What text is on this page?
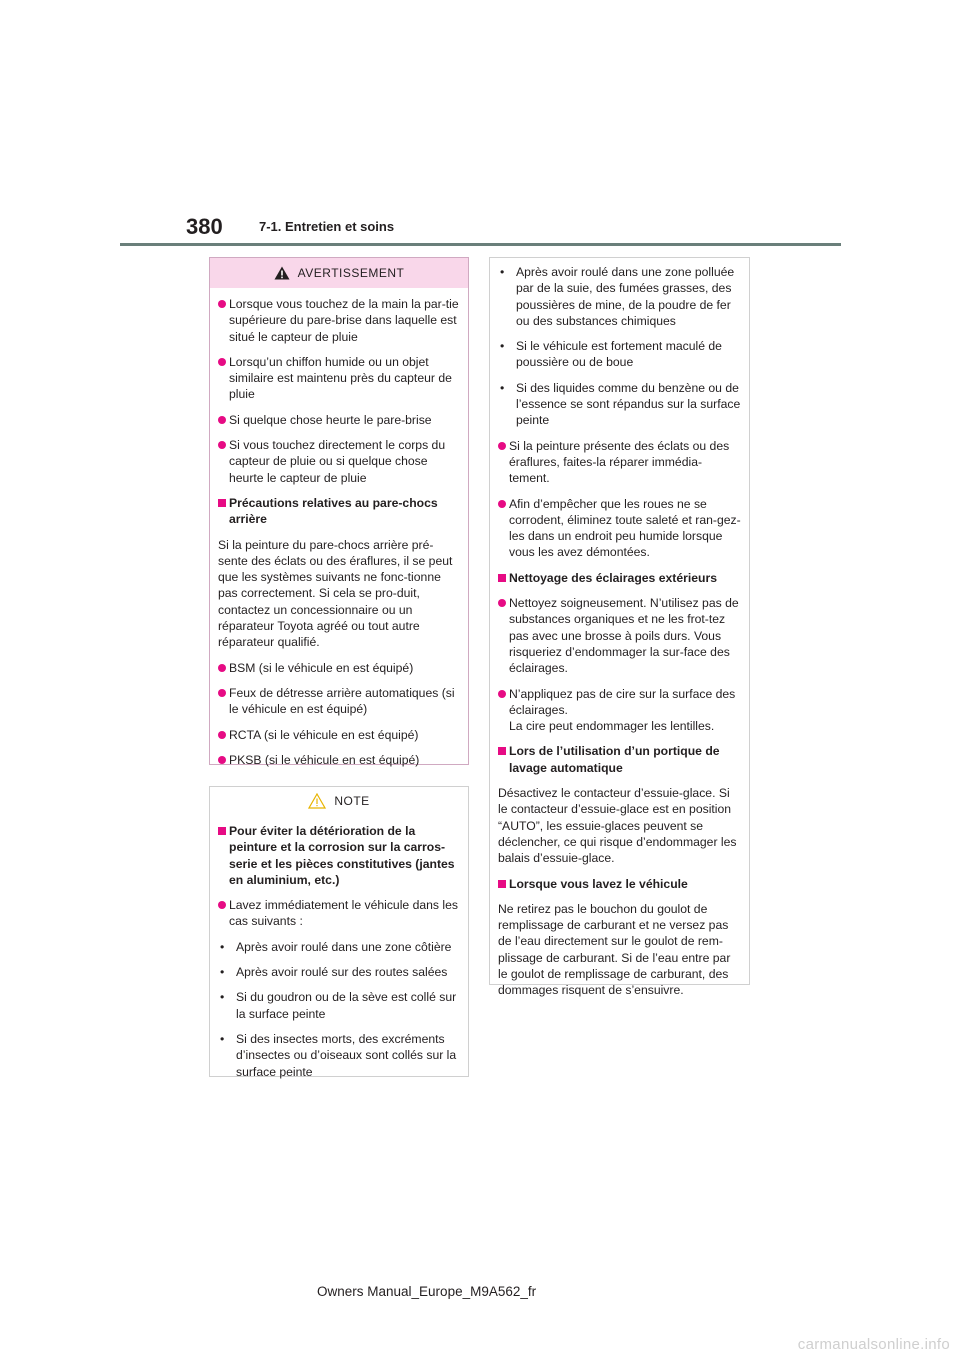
380	7-1. Entretien et soins
AVERTISSEMENT
Lorsque vous touchez de la main la par-tie supérieure du pare-brise dans laquelle est situé le capteur de pluie
Lorsqu’un chiffon humide ou un objet similaire est maintenu près du capteur de pluie
Si quelque chose heurte le pare-brise
Si vous touchez directement le corps du capteur de pluie ou si quelque chose heurte le capteur de pluie
Précautions relatives au pare-chocs arrière
Si la peinture du pare-chocs arrière pré-sente des éclats ou des éraflures, il se peut que les systèmes suivants ne fonc-tionne pas correctement. Si cela se pro-duit, contactez un concessionnaire ou un réparateur Toyota agréé ou tout autre réparateur qualifié.
BSM (si le véhicule en est équipé)
Feux de détresse arrière automatiques (si le véhicule en est équipé)
RCTA (si le véhicule en est équipé)
PKSB (si le véhicule en est équipé)
NOTE
Pour éviter la détérioration de la peinture et la corrosion sur la carros-serie et les pièces constitutives (jantes en aluminium, etc.)
Lavez immédiatement le véhicule dans les cas suivants :
• Après avoir roulé dans une zone côtière
• Après avoir roulé sur des routes salées
• Si du goudron ou de la sève est collé sur la surface peinte
• Si des insectes morts, des excréments d’insectes ou d’oiseaux sont collés sur la surface peinte
• Après avoir roulé dans une zone polluée par de la suie, des fumées grasses, des poussières de mine, de la poudre de fer ou des substances chimiques
• Si le véhicule est fortement maculé de poussière ou de boue
• Si des liquides comme du benzène ou de l’essence se sont répandus sur la surface peinte
Si la peinture présente des éclats ou des éraflures, faites-la réparer immédia-tement.
Afin d’empêcher que les roues ne se corrodent, éliminez toute saleté et ran-gez-les dans un endroit peu humide lorsque vous les avez démontées.
Nettoyage des éclairages extérieurs
Nettoyez soigneusement. N’utilisez pas de substances organiques et ne les frot-tez pas avec une brosse à poils durs. Vous risqueriez d’endommager la sur-face des éclairages.
N’appliquez pas de cire sur la surface des éclairages.
La cire peut endommager les lentilles.
Lors de l’utilisation d’un portique de lavage automatique
Désactivez le contacteur d’essuie-glace. Si le contacteur d’essuie-glace est en position “AUTO”, les essuie-glaces peuvent se déclencher, ce qui risque d’endommager les balais d’essuie-glace.
Lorsque vous lavez le véhicule
Ne retirez pas le bouchon du goulot de remplissage de carburant et ne versez pas de l’eau directement sur le goulot de rem-plissage de carburant. Si de l’eau entre par le goulot de remplissage de carburant, des dommages risquent de s’ensuivre.
Owners Manual_Europe_M9A562_fr
carmanualsonline.info
